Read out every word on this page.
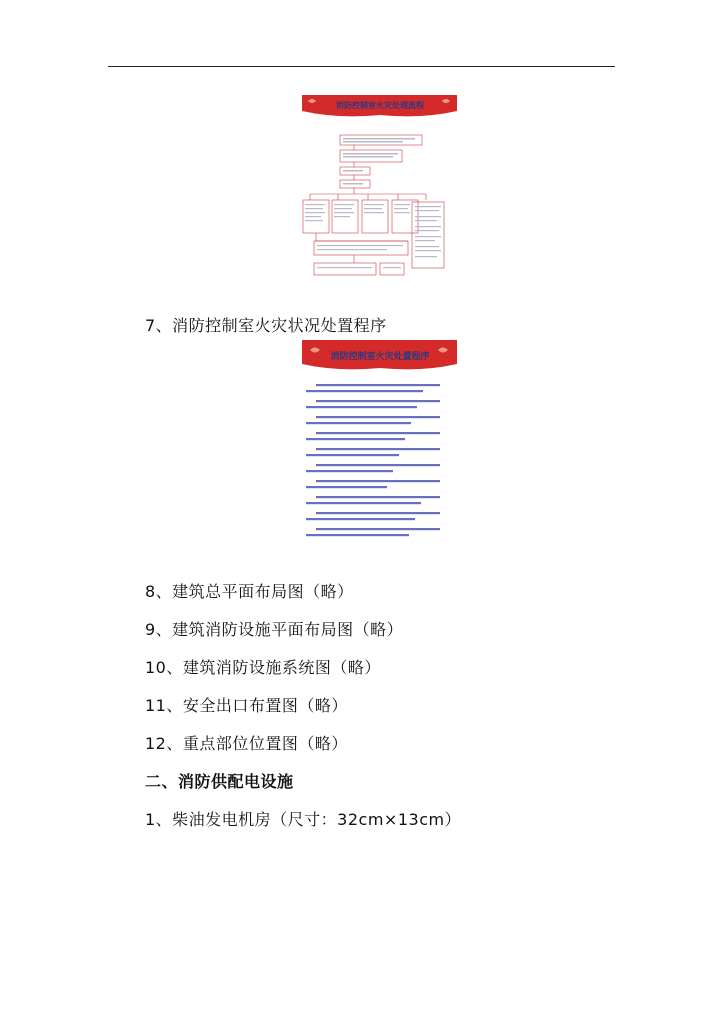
消防控制室火灾处理流程
7、消防控制室火灾状况处置程序
消防控制室火灾处置程序
8、建筑总平面布局图（略）
9、建筑消防设施平面布局图（略）
10、建筑消防设施系统图（略）
11、安全出口布置图（略）
12、重点部位位置图（略）
二、消防供配电设施
1、柴油发电机房（尺寸：32cm×13cm）
